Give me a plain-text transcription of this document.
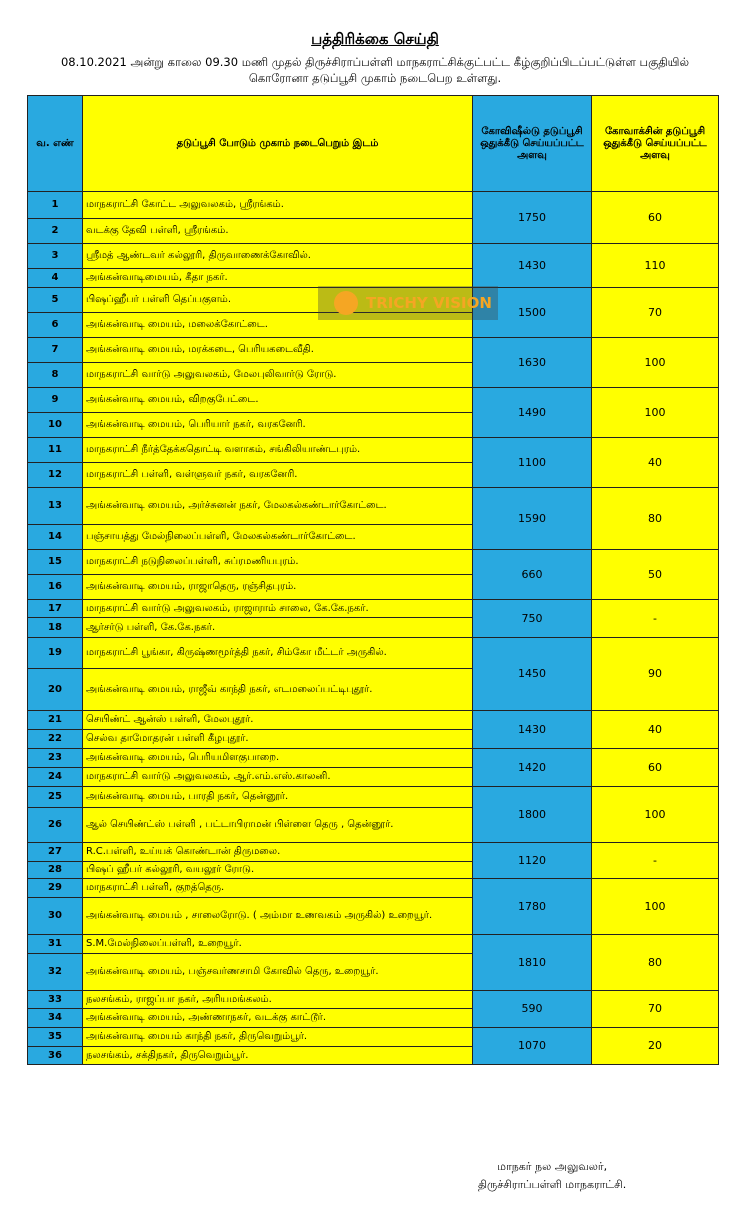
பத்திரிக்கை செய்தி
08.10.2021 அன்று காலை 09.30 மணி முதல் திருச்சிராப்பள்ளி மாநகராட்சிக்குட்பட்ட கீழ்குறிப்பிடப்பட்டுள்ள பகுதியில் கொரோனா தடுப்பூசி முகாம் நடைபெற உள்ளது.
வ. எண்	தடுப்பூசி போடும் முகாம் நடைபெறும் இடம்	கோவிஷீல்டு தடுப்பூசி ஒதுக்கீடு செய்யப்பட்ட அளவு	கோவாக்சின் தடுப்பூசி ஒதுக்கீடு செய்யப்பட்ட அளவு
1	மாநகராட்சி கோட்ட அலுவலகம், ஸ்ரீரங்கம்.	1750	60
2	வடக்கு தேவி பள்ளி, ஸ்ரீரங்கம்.		
3	ஸ்ரீமத் ஆண்டவர் கல்லூரி, திருவாணைக்கோவில்.	1430	110
4	அங்கன்வாடிமையம், கீதா நகர்.		
5	பிஷப்ஹீபர் பள்ளி தெப்பகுளம்.	1500	70
6	அங்கன்வாடி மையம், மலைக்கோட்டை.		
7	அங்கன்வாடி மையம், மரக்கடை, பெரியகடைவீதி.	1630	100
8	மாநகராட்சி வார்டு அலுவலகம், மேலபுலிவார்டு ரோடு.		
9	அங்கன்வாடி மையம், விறகுபேட்டை.	1490	100
10	அங்கன்வாடி மையம், பெரியார் நகர், வரகனேரி.		
11	மாநகராட்சி நீர்த்தேக்கதொட்டி வளாகம், சங்கிலியாண்டபுரம்.	1100	40
12	மாநகராட்சி பள்ளி, வள்ளுவர் நகர், வரகனேரி.		
13	அங்கன்வாடி மையம், அர்ச்சுனன் நகர், மேலகல்கண்டார்கோட்டை.	1590	80
14	பஞ்சாயத்து மேல்நிலைப்பள்ளி, மேலகல்கண்டார்கோட்டை.		
15	மாநகராட்சி நடுநிலைப்பள்ளி, சுப்ரமணியபுரம்.	660	50
16	அங்கன்வாடி மையம், ராஜாதெரு, ரஞ்சிதபுரம்.		
17	மாநகராட்சி வார்டு அலுவலகம், ராஜாராம் சாலை, கே.கே.நகர்.	750	-
18	ஆர்சர்டு பள்ளி, கே.கே.நகர்.		
19	மாநகராட்சி பூங்கா, கிருஷ்ணமூர்த்தி நகர், சிம்கோ மீட்டர் அருகில்.	1450	90
20	அங்கன்வாடி மையம், ராஜீவ் காந்தி நகர், எடமலைப்பட்டிபுதூர்.		
21	செயிண்ட் ஆன்ஸ் பள்ளி, மேலபுதூர்.	1430	40
22	செல்வ தாமோதரன் பள்ளி கீழபுதூர்.		
23	அங்கன்வாடி மையம், பெரியமிளகுபாறை.	1420	60
24	மாநகராட்சி வார்டு அலுவலகம், ஆர்.எம்.எஸ்.காலனி.		
25	அங்கன்வாடி மையம், பாரதி நகர், தென்னூர்.	1800	100
26	ஆல் செயிண்ட்ஸ் பள்ளி , பட்டாபிராமன் பிள்ளை தெரு , தென்னூர்.		
27	R.C.பள்ளி, உய்யக் கொண்டான் திருமலை.	1120	-
28	பிஷப் ஹீபர் கல்லூரி, வயலூர் ரோடு.		
29	மாநகராட்சி பள்ளி, குறத்தெரு.	1780	100
30	அங்கன்வாடி மையம் , சாலைரோடு. ( அம்மா உணவகம் அருகில்) உறையூர்.		
31	S.M.மேல்நிலைப்பள்ளி, உறையூர்.	1810	80
32	அங்கன்வாடி மையம், பஞ்சவர்ணசாமி கோவில் தெரு, உறையூர்.		
33	நலசங்கம், ராஜப்பா நகர், அரியமங்கலம்.	590	70
34	அங்கன்வாடி மையம், அண்ணாநகர், வடக்கு காட்டூர்.		
35	அங்கன்வாடி மையம் காந்தி நகர், திருவெறும்பூர்.	1070	20
36	நலசங்கம், சக்திநகர், திருவெறும்பூர்.		
TRICHY VISION
மாநகர் நல அலுவலர்,
திருச்சிராப்பள்ளி மாநகராட்சி.
